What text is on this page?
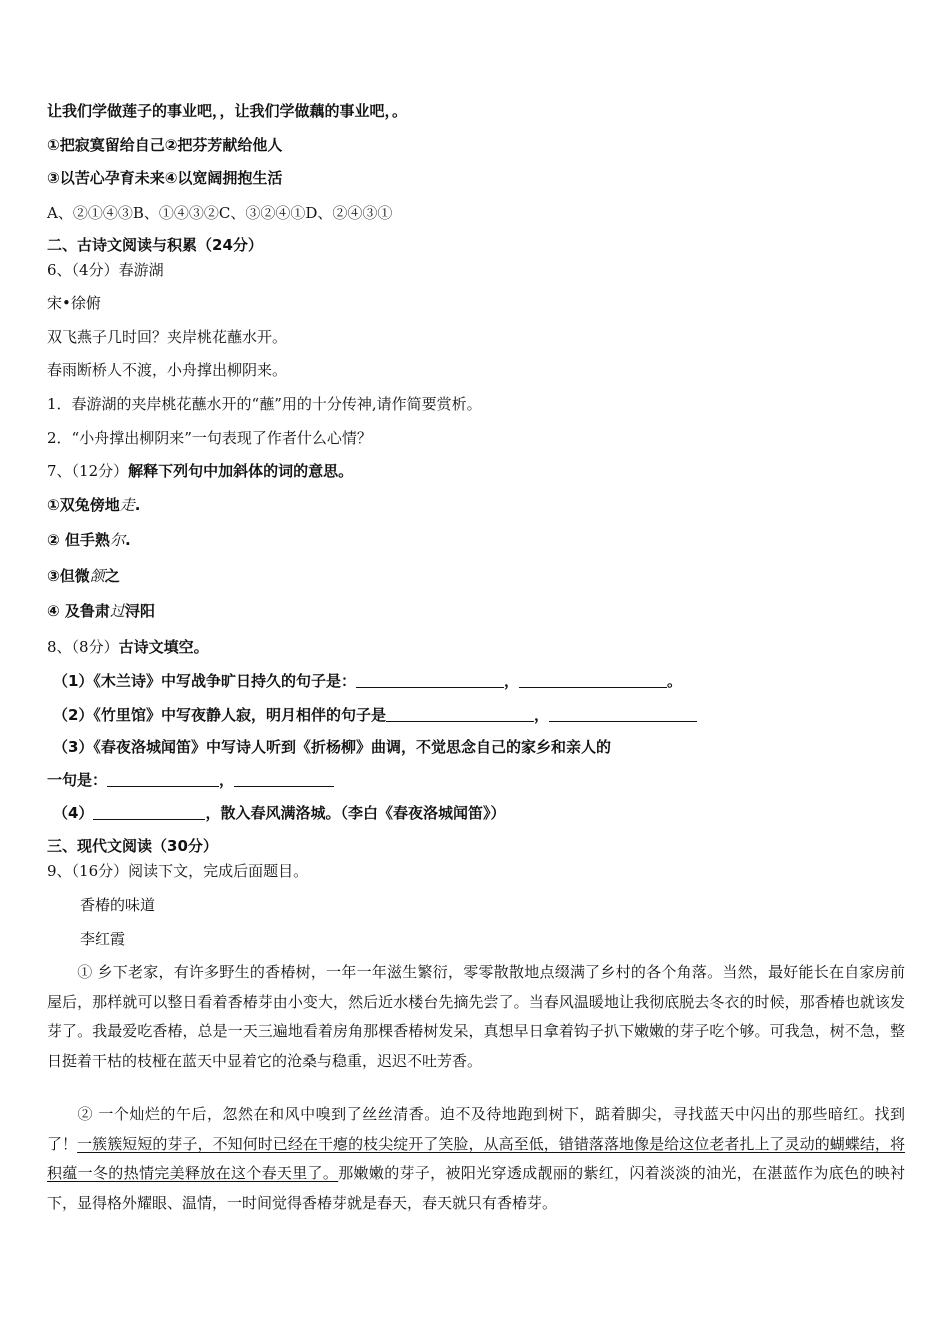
让我们学做莲子的事业吧，，让我们学做藕的事业吧，。
①把寂寞留给自己②把芬芳献给他人
③以苦心孕育未来④以宽阔拥抱生活
A、②①④③B、①④③②C、③②④①D、②④③①
二、古诗文阅读与积累（24分）
6、（4分）春游湖
宋•徐俯
双飞燕子几时回？夹岸桃花蘸水开。
春雨断桥人不渡，小舟撑出柳阴来。
1．春游湖的夹岸桃花蘸水开的“蘸”用的十分传神,请作简要赏析。
2．“小舟撑出柳阴来”一句表现了作者什么心情？
7、（12分）解释下列句中加斜体的词的意思。
①双兔傍地走.
② 但手熟尔.
③但微颔之
④ 及鲁肃过浔阳
8、（8分）古诗文填空。
（1）《木兰诗》中写战争旷日持久的句子是：	，	。
（2）《竹里馆》中写夜静人寂，明月相伴的句子是	，
（3）《春夜洛城闻笛》中写诗人听到《折杨柳》曲调，不觉思念自己的家乡和亲人的
一句是：	，
（4）	，散入春风满洛城。（李白《春夜洛城闻笛》）
三、现代文阅读（30分）
9、（16分）阅读下文，完成后面题目。
香椿的味道
李红霞
① 乡下老家，有许多野生的香椿树，一年一年滋生繁衍，零零散散地点缀满了乡村的各个角落。当然，最好能长在自家房前屋后，那样就可以整日看着香椿芽由小变大，然后近水楼台先摘先尝了。当春风温暖地让我彻底脱去冬衣的时候，那香椿也就该发芽了。我最爱吃香椿，总是一天三遍地看着房角那棵香椿树发呆，真想早日拿着钩子扒下嫩嫩的芽子吃个够。可我急，树不急，整日挺着干枯的枝桠在蓝天中显着它的沧桑与稳重，迟迟不吐芳香。
② 一个灿烂的午后，忽然在和风中嗅到了丝丝清香。迫不及待地跑到树下，踮着脚尖，寻找蓝天中闪出的那些暗红。找到了！一簇簇短短的芽子，不知何时已经在干瘪的枝尖绽开了笑脸，从高至低，错错落落地像是给这位老者扎上了灵动的蝴蝶结，将积蕴一冬的热情完美释放在这个春天里了。那嫩嫩的芽子，被阳光穿透成靓丽的紫红，闪着淡淡的油光，在湛蓝作为底色的映衬下，显得格外耀眼、温情，一时间觉得香椿芽就是春天，春天就只有香椿芽。
